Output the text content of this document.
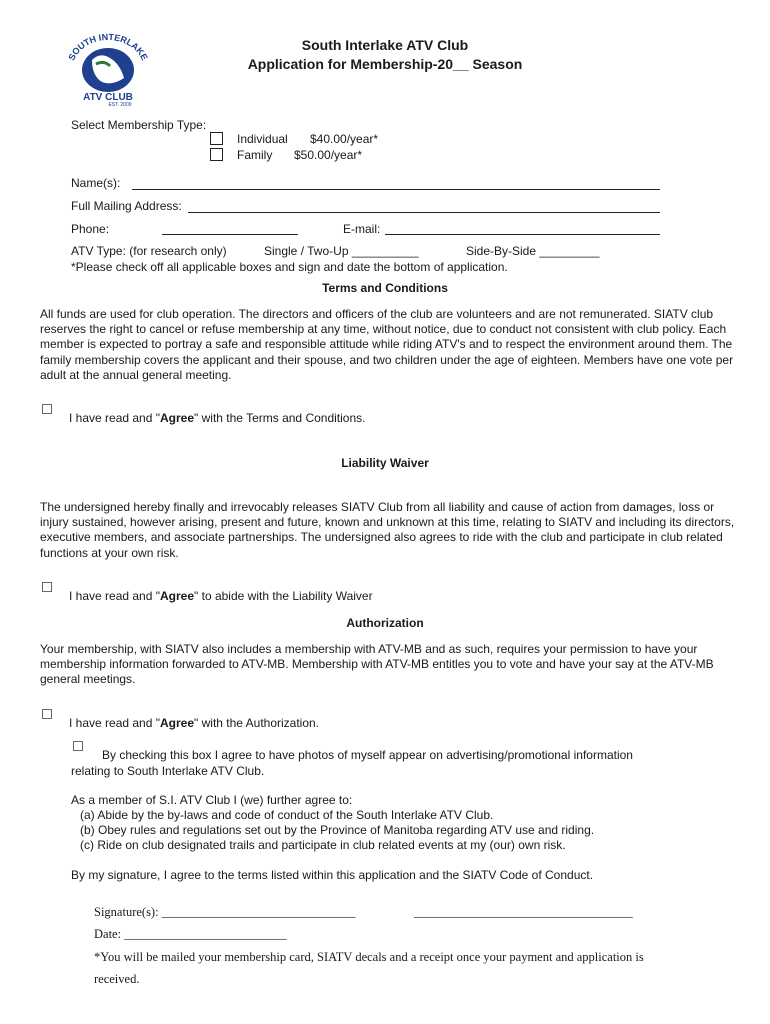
SOUTH INTERLAKE
ATV CLUB
EST. 2009
South Interlake ATV Club
Application for Membership-20__ Season
Select Membership Type:
Individual $40.00/year*
Family $50.00/year*
Name(s):
Full Mailing Address:
Phone:	E-mail:
ATV Type: (for research only)	Single / Two-Up __________	Side-By-Side _________
*Please check off all applicable boxes and sign and date the bottom of application.
Terms and Conditions
All funds are used for club operation. The directors and officers of the club are volunteers and are not remunerated. SIATV club reserves the right to cancel or refuse membership at any time, without notice, due to conduct not consistent with club policy. Each member is expected to portray a safe and responsible attitude while riding ATV's and to respect the environment around them. The family membership covers the applicant and their spouse, and two children under the age of eighteen. Members have one vote per adult at the annual general meeting.
I have read and "Agree" with the Terms and Conditions.
Liability Waiver
The undersigned hereby finally and irrevocably releases SIATV Club from all liability and cause of action from damages, loss or injury sustained, however arising, present and future, known and unknown at this time, relating to SIATV and including its directors, executive members, and associate partnerships. The undersigned also agrees to ride with the club and participate in club related functions at your own risk.
I have read and "Agree" to abide with the Liability Waiver
Authorization
Your membership, with SIATV also includes a membership with ATV-MB and as such, requires your permission to have your membership information forwarded to ATV-MB. Membership with ATV-MB entitles you to vote and have your say at the ATV-MB general meetings.
I have read and "Agree" with the Authorization.
By checking this box I agree to have photos of myself appear on advertising/promotional information
relating to South Interlake ATV Club.
As a member of S.I. ATV Club I (we) further agree to:
(a) Abide by the by-laws and code of conduct of the South Interlake ATV Club.
(b) Obey rules and regulations set out by the Province of Manitoba regarding ATV use and riding.
(c) Ride on club designated trails and participate in club related events at my (our) own risk.
By my signature, I agree to the terms listed within this application and the SIATV Code of Conduct.
Signature(s): _______________________________	___________________________________
Date: __________________________
*You will be mailed your membership card, SIATV decals and a receipt once your payment and application is
received.
